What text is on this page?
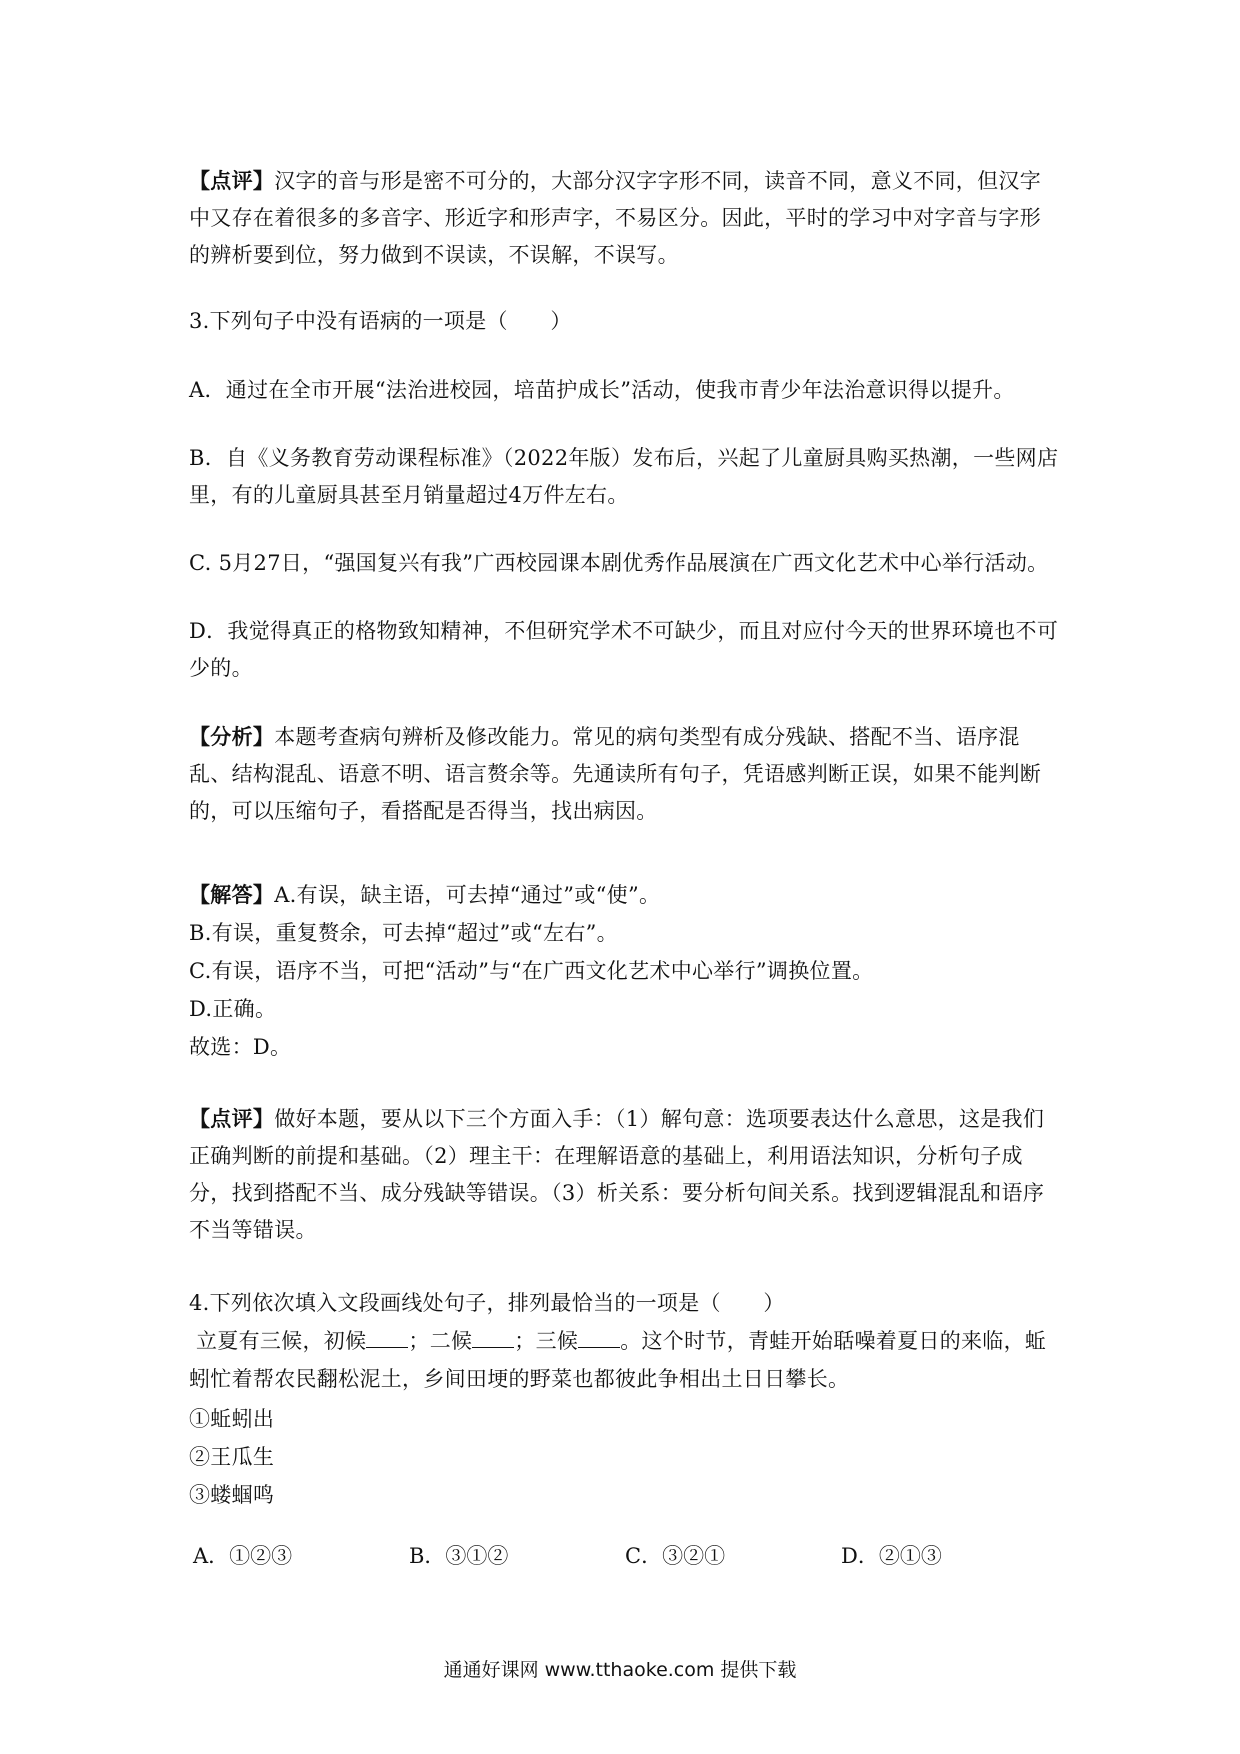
【点评】汉字的音与形是密不可分的，大部分汉字字形不同，读音不同，意义不同，但汉字中又存在着很多的多音字、形近字和形声字，不易区分。因此，平时的学习中对字音与字形的辨析要到位，努力做到不误读，不误解，不误写。
3.下列句子中没有语病的一项是（　　）
A．通过在全市开展“法治进校园，培苗护成长”活动，使我市青少年法治意识得以提升。
B．自《义务教育劳动课程标准》（2022年版）发布后，兴起了儿童厨具购买热潮，一些网店里，有的儿童厨具甚至月销量超过4万件左右。
C. 5月27日，“强国复兴有我”广西校园课本剧优秀作品展演在广西文化艺术中心举行活动。
D．我觉得真正的格物致知精神，不但研究学术不可缺少，而且对应付今天的世界环境也不可少的。
【分析】本题考查病句辨析及修改能力。常见的病句类型有成分残缺、搭配不当、语序混乱、结构混乱、语意不明、语言赘余等。先通读所有句子，凭语感判断正误，如果不能判断的，可以压缩句子，看搭配是否得当，找出病因。
【解答】A.有误，缺主语，可去掉“通过”或“使”。
B.有误，重复赘余，可去掉“超过”或“左右”。
C.有误，语序不当，可把“活动”与“在广西文化艺术中心举行”调换位置。
D.正确。
故选：D。
【点评】做好本题，要从以下三个方面入手：（1）解句意：选项要表达什么意思，这是我们正确判断的前提和基础。（2）理主干：在理解语意的基础上，利用语法知识，分析句子成分，找到搭配不当、成分残缺等错误。（3）析关系：要分析句间关系。找到逻辑混乱和语序不当等错误。
4.下列依次填入文段画线处句子，排列最恰当的一项是（　　）
立夏有三候，初候 ；二候 ；三候 。这个时节，青蛙开始聒噪着夏日的来临，蚯蚓忙着帮农民翻松泥土，乡间田埂的野菜也都彼此争相出土日日攀长。
①蚯蚓出
②王瓜生
③蝼蝈鸣
A．①②③	B．③①②	C．③②①	D．②①③
通通好课网 www.tthaoke.com 提供下载
